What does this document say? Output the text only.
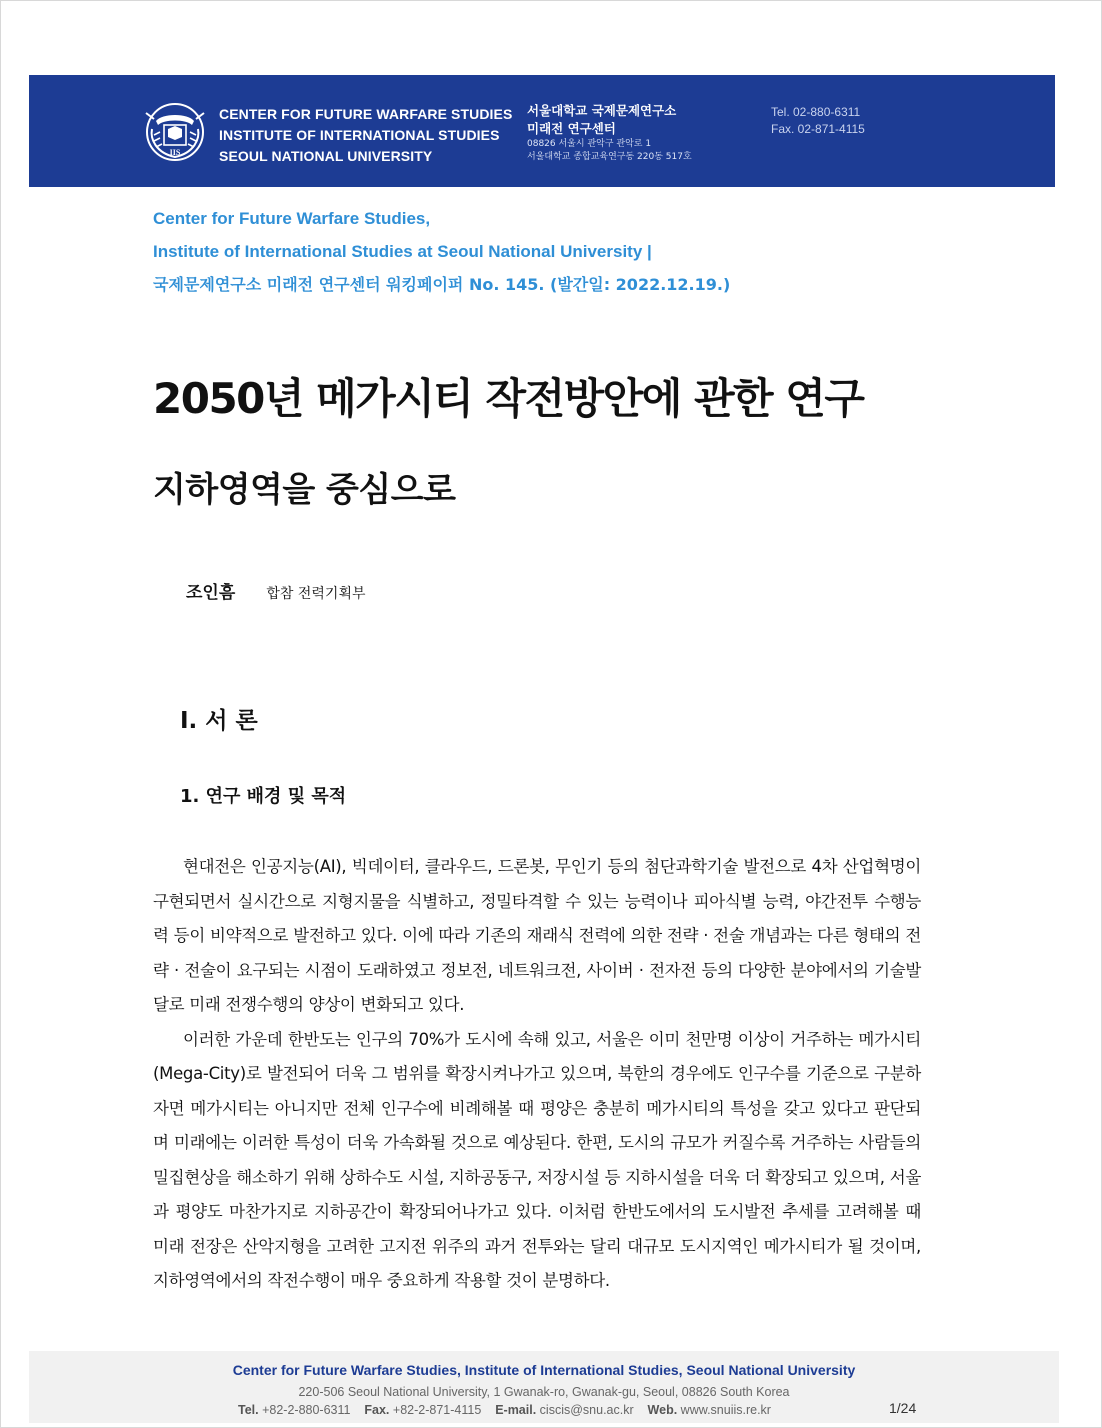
IIS
CENTER FOR FUTURE WARFARE STUDIES
INSTITUTE OF INTERNATIONAL STUDIES
SEOUL NATIONAL UNIVERSITY
서울대학교 국제문제연구소
미래전 연구센터
08826 서울시 관악구 관악로 1
서울대학교 종합교육연구동 220동 517호
Tel. 02-880-6311
Fax. 02-871-4115
Center for Future Warfare Studies,
Institute of International Studies at Seoul National University |
국제문제연구소 미래전 연구센터 워킹페이퍼 No. 145. (발간일: 2022.12.19.)
2050년 메가시티 작전방안에 관한 연구
지하영역을 중심으로
조인흠 합참 전력기획부
Ⅰ. 서 론
1. 연구 배경 및 목적

현대전은 인공지능(AI), 빅데이터, 클라우드, 드론봇, 무인기 등의 첨단과학기술 발전으로 4차 산업혁명이 구현되면서 실시간으로 지형지물을 식별하고, 정밀타격할 수 있는 능력이나 피아식별 능력, 야간전투 수행능력 등이 비약적으로 발전하고 있다. 이에 따라 기존의 재래식 전력에 의한 전략 · 전술 개념과는 다른 형태의 전략 · 전술이 요구되는 시점이 도래하였고 정보전, 네트워크전, 사이버 · 전자전 등의 다양한 분야에서의 기술발달로 미래 전쟁수행의 양상이 변화되고 있다.

이러한 가운데 한반도는 인구의 70%가 도시에 속해 있고, 서울은 이미 천만명 이상이 거주하는 메가시티(Mega-City)로 발전되어 더욱 그 범위를 확장시켜나가고 있으며, 북한의 경우에도 인구수를 기준으로 구분하자면 메가시티는 아니지만 전체 인구수에 비례해볼 때 평양은 충분히 메가시티의 특성을 갖고 있다고 판단되며 미래에는 이러한 특성이 더욱 가속화될 것으로 예상된다. 한편, 도시의 규모가 커질수록 거주하는 사람들의 밀집현상을 해소하기 위해 상하수도 시설, 지하공동구, 저장시설 등 지하시설을 더욱 더 확장되고 있으며, 서울과 평양도 마찬가지로 지하공간이 확장되어나가고 있다. 이처럼 한반도에서의 도시발전 추세를 고려해볼 때 미래 전장은 산악지형을 고려한 고지전 위주의 과거 전투와는 달리 대규모 도시지역인 메가시티가 될 것이며, 지하영역에서의 작전수행이 매우 중요하게 작용할 것이 분명하다.

Center for Future Warfare Studies, Institute of International Studies, Seoul National University
220-506 Seoul National University, 1 Gwanak-ro, Gwanak-gu, Seoul, 08826 South Korea
Tel. +82-2-880-6311 Fax. +82-2-871-4115 E-mail. ciscis@snu.ac.kr Web. www.snuiis.re.kr	1/24
